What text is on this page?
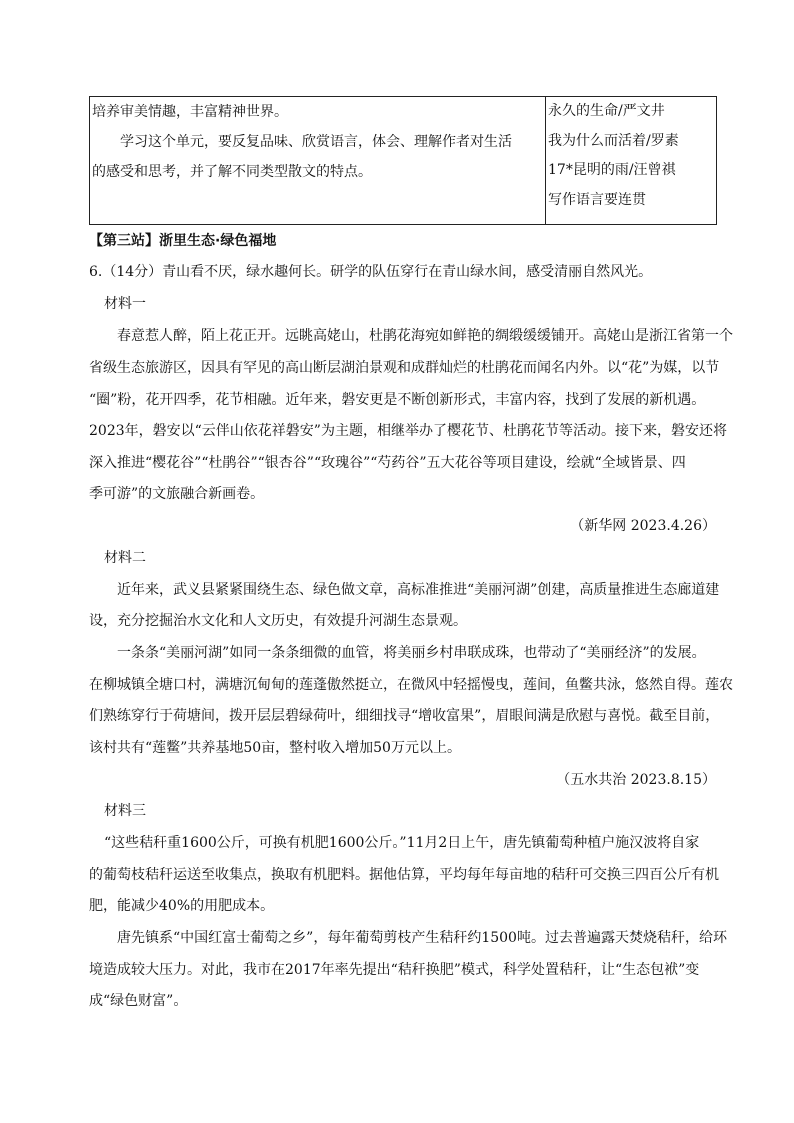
培养审美情趣，丰富精神世界。
学习这个单元，要反复品味、欣赏语言，体会、理解作者对生活
的感受和思考，并了解不同类型散文的特点。

永久的生命/严文井
我为什么而活着/罗素
17*昆明的雨/汪曾祺
写作语言要连贯
【第三站】浙里生态·绿色福地
6.（14分）青山看不厌，绿水趣何长。研学的队伍穿行在青山绿水间，感受清丽自然风光。
材料一
春意惹人醉，陌上花正开。远眺高姥山，杜鹃花海宛如鲜艳的绸缎缓缓铺开。高姥山是浙江省第一个
省级生态旅游区，因具有罕见的高山断层湖泊景观和成群灿烂的杜鹃花而闻名内外。以“花”为媒，以节
“圈”粉，花开四季，花节相融。近年来，磐安更是不断创新形式，丰富内容，找到了发展的新机遇。
2023年，磐安以“云伴山依花祥磐安”为主题，相继举办了樱花节、杜鹃花节等活动。接下来，磐安还将
深入推进“樱花谷”“杜鹃谷”“银杏谷”“玫瑰谷”“芍药谷”五大花谷等项目建设，绘就“全域皆景、四
季可游”的文旅融合新画卷。
（新华网 2023.4.26）
材料二
近年来，武义县紧紧围绕生态、绿色做文章，高标准推进“美丽河湖”创建，高质量推进生态廊道建
设，充分挖掘治水文化和人文历史，有效提升河湖生态景观。
一条条“美丽河湖”如同一条条细微的血管，将美丽乡村串联成珠，也带动了“美丽经济”的发展。
在柳城镇全塘口村，满塘沉甸甸的莲蓬傲然挺立，在微风中轻摇慢曳，莲间，鱼鳖共泳，悠然自得。莲农
们熟练穿行于荷塘间，拨开层层碧绿荷叶，细细找寻“增收富果”，眉眼间满是欣慰与喜悦。截至目前，
该村共有“莲鳖”共养基地50亩，整村收入增加50万元以上。
（五水共治 2023.8.15）
材料三
“这些秸秆重1600公斤，可换有机肥1600公斤。”11月2日上午，唐先镇葡萄种植户施汉波将自家
的葡萄枝秸秆运送至收集点，换取有机肥料。据他估算，平均每年每亩地的秸秆可交换三四百公斤有机
肥，能减少40%的用肥成本。
唐先镇系“中国红富士葡萄之乡”，每年葡萄剪枝产生秸秆约1500吨。过去普遍露天焚烧秸秆，给环
境造成较大压力。对此，我市在2017年率先提出“秸秆换肥”模式，科学处置秸秆，让“生态包袱”变
成“绿色财富”。
